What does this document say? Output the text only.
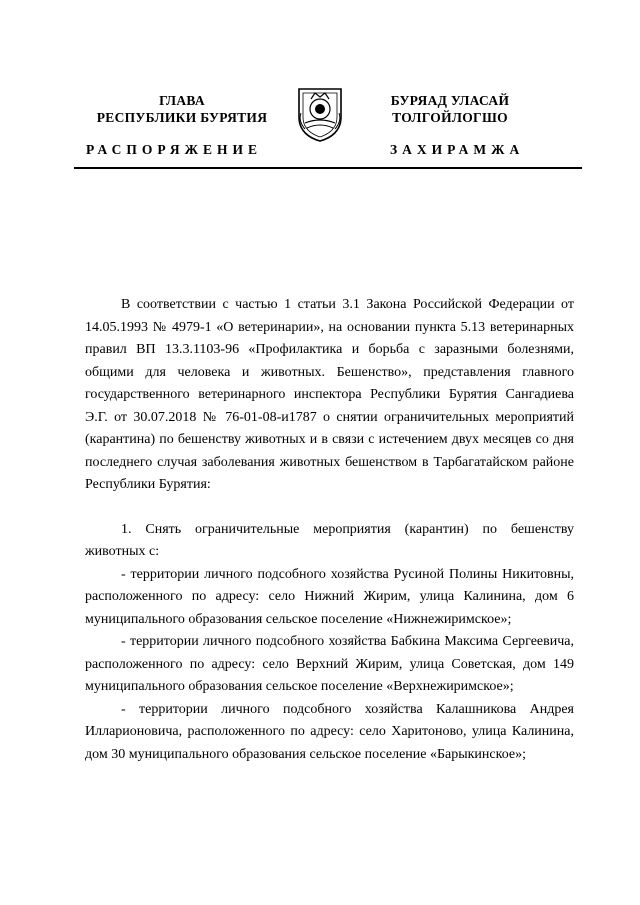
ГЛАВА
РЕСПУБЛИКИ БУРЯТИЯ
БУРЯАД УЛАСАЙ
ТОЛГОЙЛОГШО
РАСПОРЯЖЕНИЕ	ЗАХИРАМЖА

В соответствии с частью 1 статьи 3.1 Закона Российской Федерации от 14.05.1993 № 4979-1 «О ветеринарии», на основании пункта 5.13 ветеринарных правил ВП 13.3.1103-96 «Профилактика и борьба с заразными болезнями, общими для человека и животных. Бешенство», представления главного государственного ветеринарного инспектора Республики Бурятия Сангадиева Э.Г. от 30.07.2018 № 76-01-08-и1787 о снятии ограничительных мероприятий (карантина) по бешенству животных и в связи с истечением двух месяцев со дня последнего случая заболевания животных бешенством в Тарбагатайском районе Республики Бурятия:

1. Снять ограничительные мероприятия (карантин) по бешенству животных с:

- территории личного подсобного хозяйства Русиной Полины Никитовны, расположенного по адресу: село Нижний Жирим, улица Калинина, дом 6 муниципального образования сельское поселение «Нижнежиримское»;

- территории личного подсобного хозяйства Бабкина Максима Сергеевича, расположенного по адресу: село Верхний Жирим, улица Советская, дом 149 муниципального образования сельское поселение «Верхнежиримское»;

- территории личного подсобного хозяйства Калашникова Андрея Илларионовича, расположенного по адресу: село Харитоново, улица Калинина, дом 30 муниципального образования сельское поселение «Барыкинское»;
